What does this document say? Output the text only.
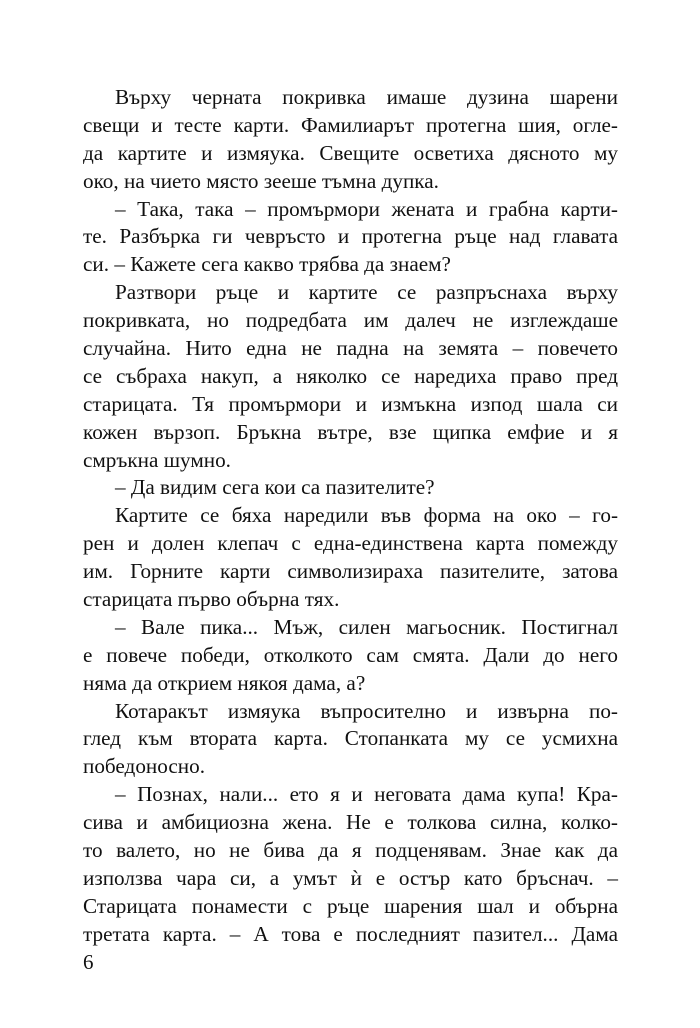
Върху черната покривка имаше дузина шарени
свещи и тесте карти. Фамилиарът протегна шия, огле-
да картите и измяука. Свещите осветиха дясното му
око, на чието място зееше тъмна дупка.
– Така, така – промърмори жената и грабна карти-
те. Разбърка ги чевръсто и протегна ръце над главата
си. – Кажете сега какво трябва да знаем?
Разтвори ръце и картите се разпръснаха върху
покривката, но подредбата им далеч не изглеждаше
случайна. Нито една не падна на земята – повечето
се събраха накуп, а няколко се наредиха право пред
старицата. Тя промърмори и измъкна изпод шала си
кожен вързоп. Бръкна вътре, взе щипка емфие и я
смръкна шумно.
– Да видим сега кои са пазителите?
Картите се бяха наредили във форма на око – го-
рен и долен клепач с една-единствена карта помежду
им. Горните карти символизираха пазителите, затова
старицата първо обърна тях.
– Вале пика... Мъж, силен магьосник. Постигнал
е повече победи, отколкото сам смята. Дали до него
няма да открием някоя дама, а?
Котаракът измяука въпросително и извърна по-
глед към втората карта. Стопанката му се усмихна
победоносно.
– Познах, нали... ето я и неговата дама купа! Кра-
сива и амбициозна жена. Не е толкова силна, колко-
то валето, но не бива да я подценявам. Знае как да
използва чара си, а умът ѝ е остър като бръснач. –
Старицата понамести с ръце шарения шал и обърна
третата карта. – А това е последният пазител... Дама
6
